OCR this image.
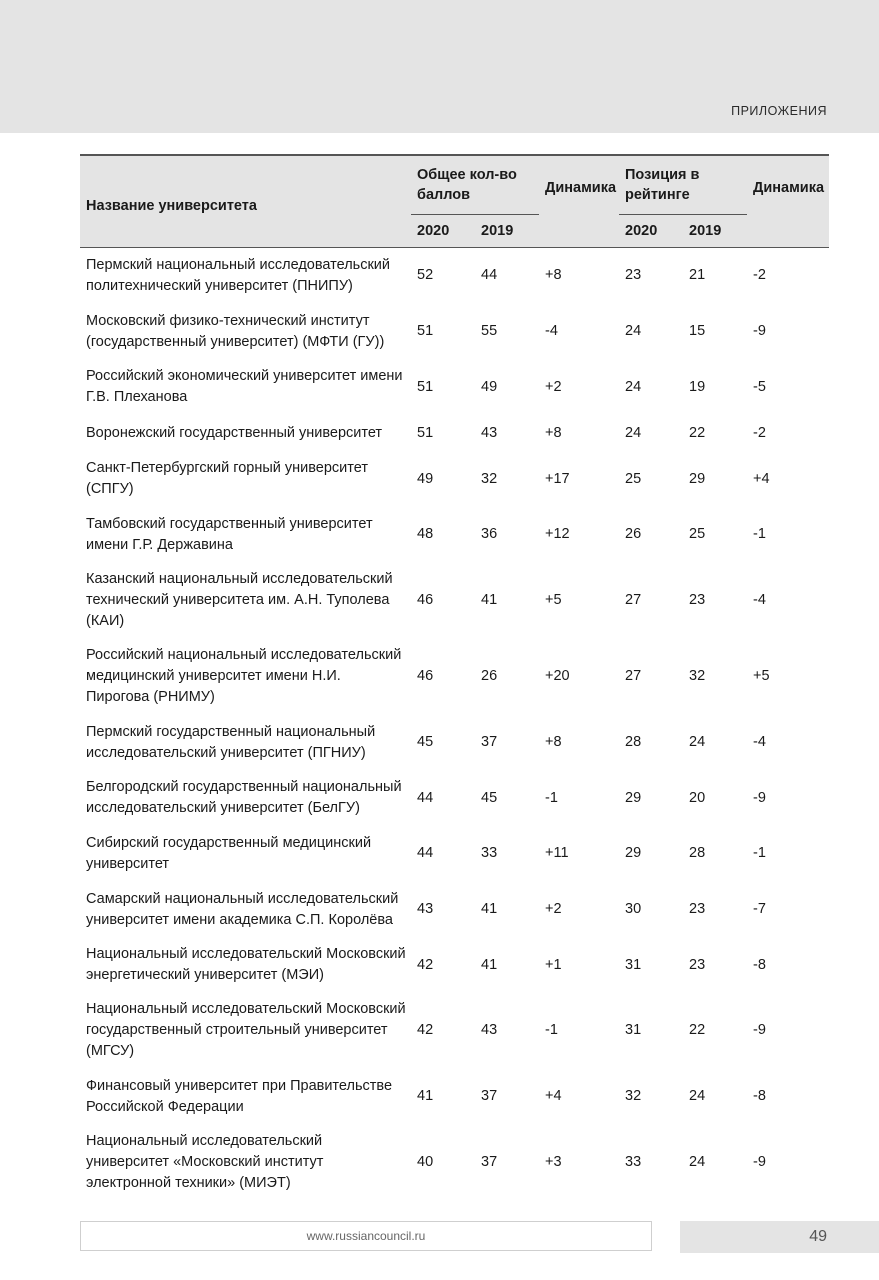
ПРИЛОЖЕНИЯ
Название университета	Общее кол-во баллов		Динамика	Позиция в рейтинге		Динамика
	2020	2019		2020	2019	
Пермский национальный исследовательский политехнический университет (ПНИПУ)	52	44	+8	23	21	-2
Московский физико-технический институт (государственный университет) (МФТИ (ГУ))	51	55	-4	24	15	-9
Российский экономический университет имени Г.В. Плеханова	51	49	+2	24	19	-5
Воронежский государственный университет	51	43	+8	24	22	-2
Санкт-Петербургский горный университет (СПГУ)	49	32	+17	25	29	+4
Тамбовский государственный университет имени Г.Р. Державина	48	36	+12	26	25	-1
Казанский национальный исследовательский технический университета им. А.Н. Туполева (КАИ)	46	41	+5	27	23	-4
Российский национальный исследовательский медицинский университет имени Н.И. Пирогова (РНИМУ)	46	26	+20	27	32	+5
Пермский государственный национальный исследовательский университет (ПГНИУ)	45	37	+8	28	24	-4
Белгородский государственный национальный исследовательский университет (БелГУ)	44	45	-1	29	20	-9
Сибирский государственный медицинский университет	44	33	+11	29	28	-1
Самарский национальный исследовательский университет имени академика С.П. Королёва	43	41	+2	30	23	-7
Национальный исследовательский Московский энергетический университет (МЭИ)	42	41	+1	31	23	-8
Национальный исследовательский Московский государственный строительный университет (МГСУ)	42	43	-1	31	22	-9
Финансовый университет при Правительстве Российской Федерации	41	37	+4	32	24	-8
Национальный исследовательский университет «Московский институт электронной техники» (МИЭТ)	40	37	+3	33	24	-9
www.russiancouncil.ru	49
